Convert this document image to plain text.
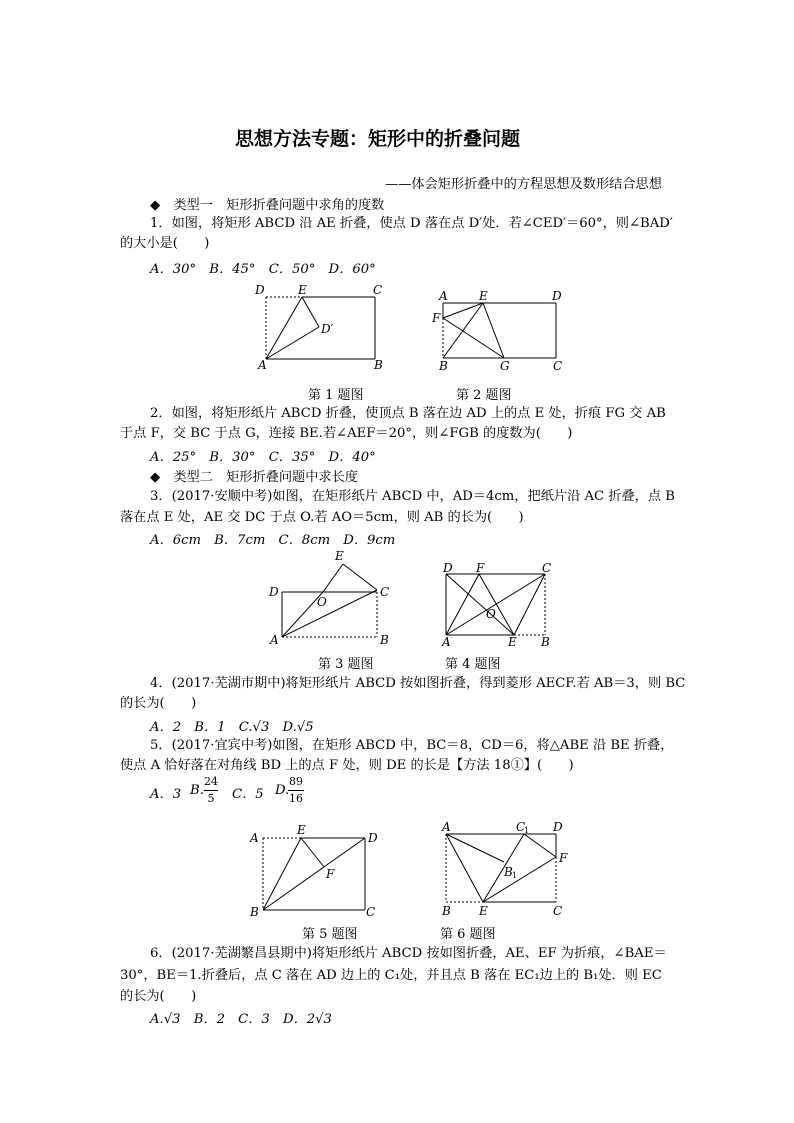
思想方法专题：矩形中的折叠问题
——体会矩形折叠中的方程思想及数形结合思想
◆　类型一　矩形折叠问题中求角的度数
1．如图，将矩形 ABCD 沿 AE 折叠，使点 D 落在点 D′处．若∠CED′＝60°，则∠BAD′
的大小是(　　)
A．30°　B．45°　C．50°　D．60°
D	E	C
D′
A	B
A	E	D
F
B	G	C
第 1 题图	第 2 题图
2．如图，将矩形纸片 ABCD 折叠，使顶点 B 落在边 AD 上的点 E 处，折痕 FG 交 AB
于点 F，交 BC 于点 G，连接 BE.若∠AEF＝20°，则∠FGB 的度数为(　　)
A．25°　B．30°　C．35°　D．40°
◆　类型二　矩形折叠问题中求长度
3．(2017·安顺中考)如图，在矩形纸片 ABCD 中，AD＝4cm，把纸片沿 AC 折叠，点 B
落在点 E 处，AE 交 DC 于点 O.若 AO＝5cm，则 AB 的长为(　　)
A．6cm　B．7cm　C．8cm　D．9cm
E
D
O
C
A	B
D F	C
O
A	E B
第 3 题图	第 4 题图
4．(2017·芜湖市期中)将矩形纸片 ABCD 按如图折叠，得到菱形 AECF.若 AB＝3，则 BC
的长为(　　)
A．2　B．1　C.√3　D.√5
5．(2017·宜宾中考)如图，在矩形 ABCD 中，BC＝8，CD＝6，将△ABE 沿 BE 折叠，
使点 A 恰好落在对角线 BD 上的点 F 处，则 DE 的长是【方法 18①】(　　)
A．3 B.
24
5	C．5 D.
89
16
A
E
D
F
B	C
A	C
1 D
F
B 1
B E	C
第 5 题图	第 6 题图
6．(2017·芜湖繁昌县期中)将矩形纸片 ABCD 按如图折叠，AE、EF 为折痕，∠BAE＝
30°，BE＝1.折叠后，点 C 落在 AD 边上的 C₁处，并且点 B 落在 EC₁边上的 B₁处．则 EC
的长为(　　)
A.√3　B．2　C．3　D．2√3
